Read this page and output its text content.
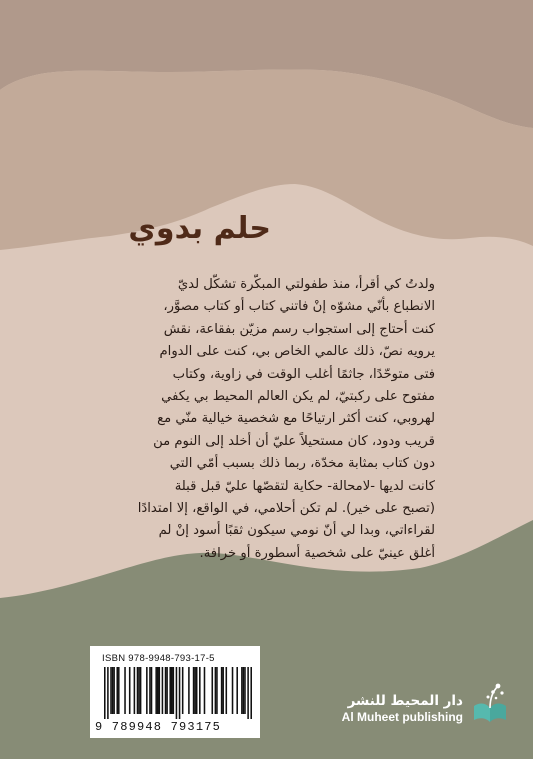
حلم بدوي
ولدتُ كي أقرأ، منذ طفولتي المبكّرة تشكّل لديّ
الانطباع بأنّي مشوّه إنْ فاتني كتاب أو كتاب مصوَّر،
كنت أحتاج إلى استجواب رسم مزيّن بفقاعة، نقش
يرويه نصّ، ذلك عالمي الخاص بي، كنت على الدوام
فتى متوحّدًا، جاثمًا أغلب الوقت في زاوية، وكتاب
مفتوح على ركبتيّ، لم يكن العالم المحيط بي يكفي
لهروبي، كنت أكثر ارتياحًا مع شخصية خيالية منّي مع
قريب ودود، كان مستحيلاً عليّ أن أخلد إلى النوم من
دون كتاب بمثابة مخدّة، ربما ذلك بسبب أمّي التي
كانت لديها -لامحالة- حكاية لتقصّها عليّ قبل قبلة
(تصبح على خير). لم تكن أحلامي، في الواقع، إلا امتدادًا
لقراءاتي، وبدا لي أنّ نومي سيكون ثقبًا أسود إنْ لم
أغلق عينيّ على شخصية أسطورة أو خرافة.
ISBN 978-9948-793-17-5
9 789948 793175
دار المحيط للنشر
Al Muheet publishing
